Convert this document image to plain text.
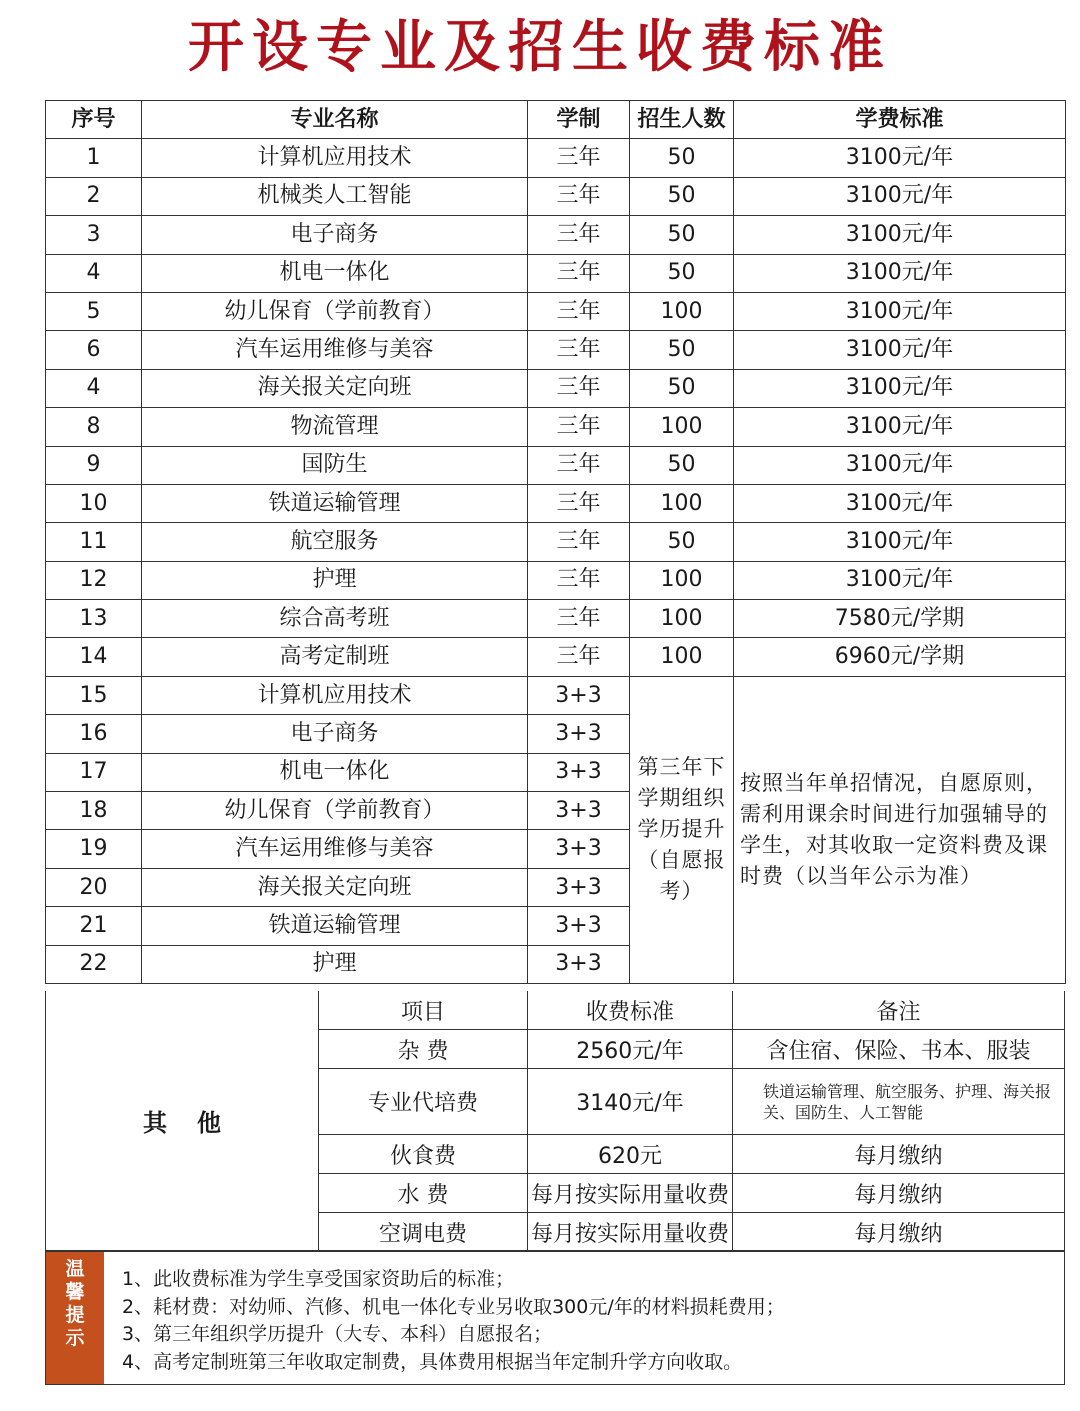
开设专业及招生收费标准
序号	专业名称	学制	招生人数	学费标准
1	计算机应用技术	三年	50	3100元/年
2	机械类人工智能	三年	50	3100元/年
3	电子商务	三年	50	3100元/年
4	机电一体化	三年	50	3100元/年
5	幼儿保育（学前教育）	三年	100	3100元/年
6	汽车运用维修与美容	三年	50	3100元/年
4	海关报关定向班	三年	50	3100元/年
8	物流管理	三年	100	3100元/年
9	国防生	三年	50	3100元/年
10	铁道运输管理	三年	100	3100元/年
11	航空服务	三年	50	3100元/年
12	护理	三年	100	3100元/年
13	综合高考班	三年	100	7580元/学期
14	高考定制班	三年	100	6960元/学期
15	计算机应用技术	3+3	第三年下学期组织学历提升（自愿报考）	按照当年单招情况，自愿原则，需利用课余时间进行加强辅导的学生，对其收取一定资料费及课时费（以当年公示为准）
16	电子商务	3+3		
17	机电一体化	3+3		
18	幼儿保育（学前教育）	3+3		
19	汽车运用维修与美容	3+3		
20	海关报关定向班	3+3		
21	铁道运输管理	3+3		
22	护理	3+3		
温
馨
提
示
1、此收费标准为学生享受国家资助后的标准；
2、耗材费：对幼师、汽修、机电一体化专业另收取300元/年的材料损耗费用；
3、第三年组织学历提升（大专、本科）自愿报名；
4、高考定制班第三年收取定制费，具体费用根据当年定制升学方向收取。
其他
项目	收费标准	备注
杂 费	2560元/年	含住宿、保险、书本、服装
专业代培费	3140元/年	铁道运输管理、航空服务、护理、海关报关、国防生、人工智能
伙食费	620元	每月缴纳
水 费	每月按实际用量收费	每月缴纳
空调电费	每月按实际用量收费	每月缴纳
